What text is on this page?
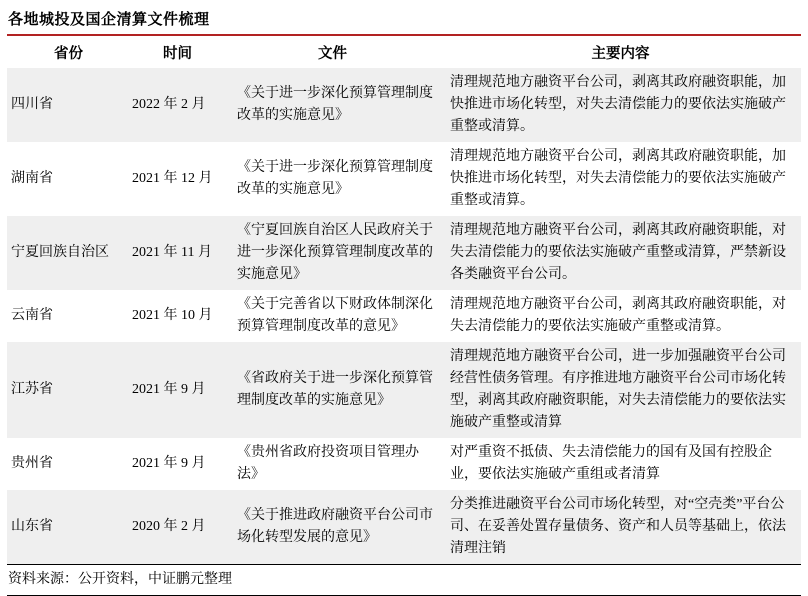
各地城投及国企清算文件梳理
省份	时间	文件	主要内容
四川省	2022 年 2 月	《关于进一步深化预算管理制度改革的实施意见》	清理规范地方融资平台公司，剥离其政府融资职能，加快推进市场化转型，对失去清偿能力的要依法实施破产重整或清算。
湖南省	2021 年 12 月	《关于进一步深化预算管理制度改革的实施意见》	清理规范地方融资平台公司，剥离其政府融资职能，加快推进市场化转型，对失去清偿能力的要依法实施破产重整或清算。
宁夏回族自治区	2021 年 11 月	《宁夏回族自治区人民政府关于进一步深化预算管理制度改革的实施意见》	清理规范地方融资平台公司，剥离其政府融资职能，对失去清偿能力的要依法实施破产重整或清算，严禁新设各类融资平台公司。
云南省	2021 年 10 月	《关于完善省以下财政体制深化预算管理制度改革的意见》	清理规范地方融资平台公司，剥离其政府融资职能，对失去清偿能力的要依法实施破产重整或清算。
江苏省	2021 年 9 月	《省政府关于进一步深化预算管理制度改革的实施意见》	清理规范地方融资平台公司，进一步加强融资平台公司经营性债务管理。有序推进地方融资平台公司市场化转型，剥离其政府融资职能，对失去清偿能力的要依法实施破产重整或清算
贵州省	2021 年 9 月	《贵州省政府投资项目管理办法》	对严重资不抵债、失去清偿能力的国有及国有控股企业，要依法实施破产重组或者清算
山东省	2020 年 2 月	《关于推进政府融资平台公司市场化转型发展的意见》	分类推进融资平台公司市场化转型，对“空壳类”平台公司、在妥善处置存量债务、资产和人员等基础上，依法清理注销
资料来源：公开资料，中证鹏元整理
